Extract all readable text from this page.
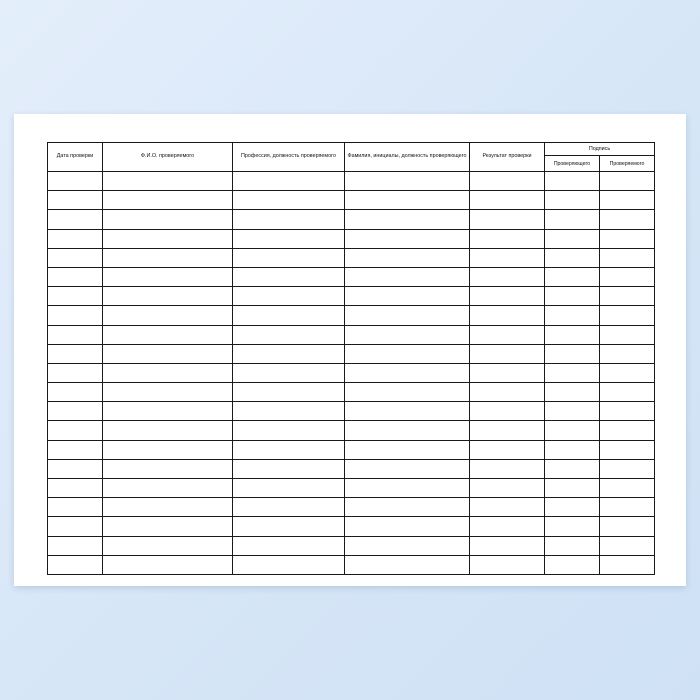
Дата проверки	Ф.И.О. проверяемого	Профессия, должность проверяемого	Фамилия, инициалы, должность проверяющего	Результат проверки	Подпись	
					Проверяющего	Проверяемого
